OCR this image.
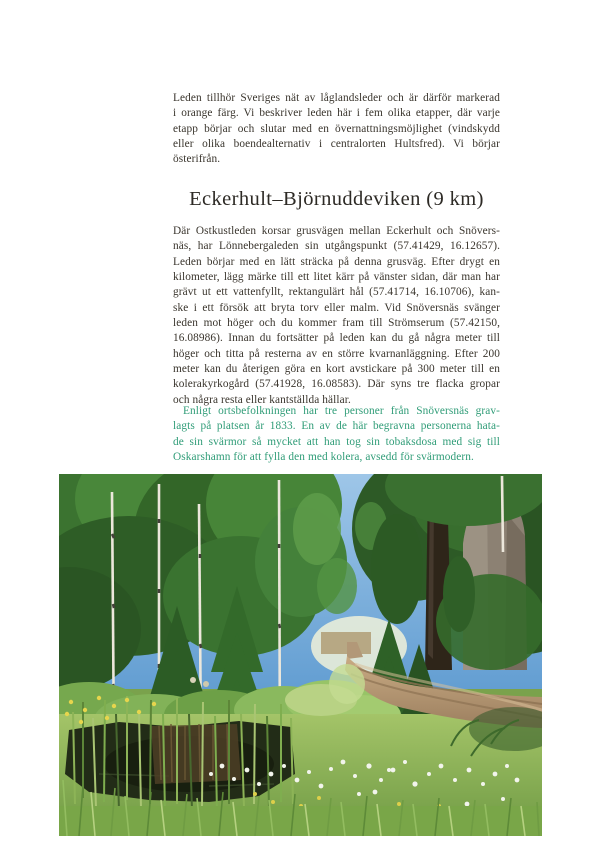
Leden tillhör Sveriges nät av låglandsleder och är därför markerad
i orange färg. Vi beskriver leden här i fem olika etapper, där varje
etapp börjar och slutar med en övernattningsmöjlighet (vindskydd
eller olika boendealternativ i centralorten Hultsfred). Vi börjar
österifrån.
Eckerhult–Björnuddeviken (9 km)
Där Ostkustleden korsar grusvägen mellan Eckerhult och Snövers-
näs, har Lönnebergaleden sin utgångspunkt (57.41429, 16.12657).
Leden börjar med en lätt sträcka på denna grusväg. Efter drygt en
kilometer, lägg märke till ett litet kärr på vänster sidan, där man har
grävt ut ett vattenfyllt, rektangulärt hål (57.41714, 16.10706), kan-
ske i ett försök att bryta torv eller malm. Vid Snöversnäs svänger
leden mot höger och du kommer fram till Strömserum (57.42150,
16.08986). Innan du fortsätter på leden kan du gå några meter till
höger och titta på resterna av en större kvarnanläggning. Efter 200
meter kan du återigen göra en kort avstickare på 300 meter till en
kolerakyrkogård (57.41928, 16.08583). Där syns tre flacka gropar
och några resta eller kantställda hällar.
Enligt ortsbefolkningen har tre personer från Snöversnäs grav-
lagts på platsen år 1833. En av de här begravna personerna hata-
de sin svärmor så mycket att han tog sin tobaksdosa med sig till
Oskarshamn för att fylla den med kolera, avsedd för svärmodern.
